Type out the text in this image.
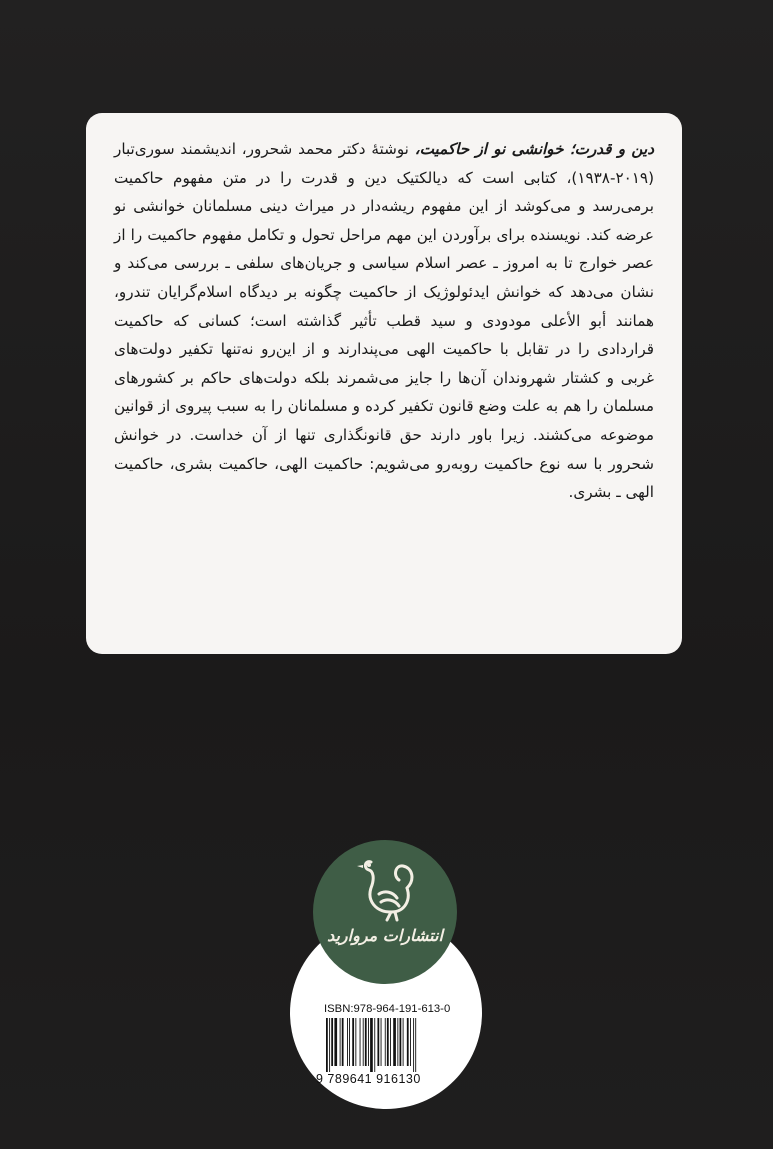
دین و قدرت؛ خوانشی نو از حاکمیت، نوشتهٔ دکتر محمد شحرور، اندیشمند سوری‌تبار (۲۰۱۹-۱۹۳۸)، کتابی است که دیالکتیک دین و قدرت را در متن مفهوم حاکمیت برمی‌رسد و می‌کوشد از این مفهوم ریشه‌دار در میراث دینی مسلمانان خوانشی نو عرضه کند. نویسنده برای برآوردن این مهم مراحل تحول و تکامل مفهوم حاکمیت را از عصر خوارج تا به امروز ـ عصر اسلام سیاسی و جریان‌های سلفی ـ بررسی می‌کند و نشان می‌دهد که خوانش ایدئولوژیک از حاکمیت چگونه بر دیدگاه اسلام‌گرایان تندرو، همانند أبو الأعلی مودودی و سید قطب تأثیر گذاشته است؛ کسانی که حاکمیت قراردادی را در تقابل با حاکمیت الهی می‌پندارند و از این‌رو نه‌تنها تکفیر دولت‌های غربی و کشتار شهروندان آن‌ها را جایز می‌شمرند بلکه دولت‌های حاکم بر کشورهای مسلمان را هم به علت وضع قانون تکفیر کرده و مسلمانان را به سبب پیروی از قوانین موضوعه می‌کشند. زیرا باور دارند حق قانونگذاری تنها از آن خداست. در خوانش شحرور با سه نوع حاکمیت روبه‌رو می‌شویم: حاکمیت الهی، حاکمیت بشری، حاکمیت الهی ـ بشری.
انتشارات مروارید
ISBN:978-964-191-613-0
9 789641 916130
